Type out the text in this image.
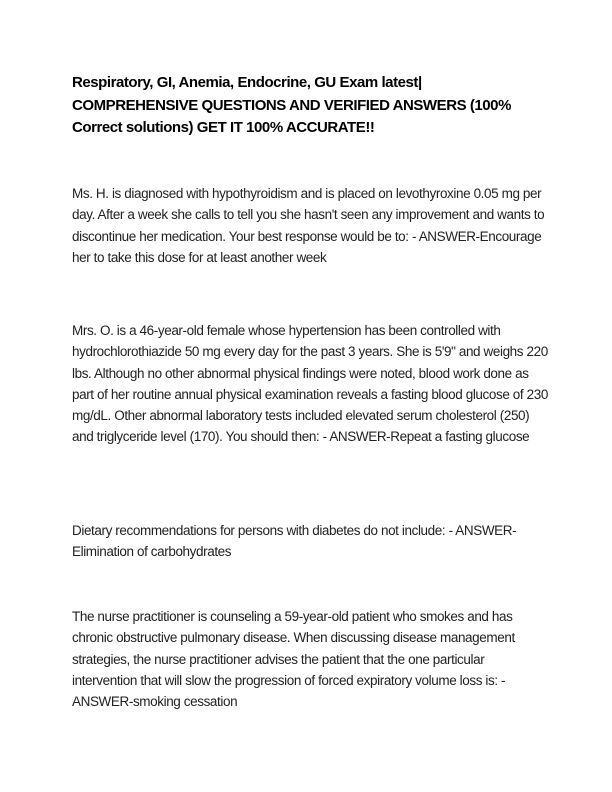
Respiratory, GI, Anemia, Endocrine, GU Exam latest| COMPREHENSIVE QUESTIONS AND VERIFIED ANSWERS (100% Correct solutions) GET IT 100% ACCURATE!!
Ms. H. is diagnosed with hypothyroidism and is placed on levothyroxine 0.05 mg per day. After a week she calls to tell you she hasn't seen any improvement and wants to discontinue her medication. Your best response would be to: - ANSWER-Encourage her to take this dose for at least another week
Mrs. O. is a 46-year-old female whose hypertension has been controlled with hydrochlorothiazide 50 mg every day for the past 3 years. She is 5'9" and weighs 220 lbs. Although no other abnormal physical findings were noted, blood work done as part of her routine annual physical examination reveals a fasting blood glucose of 230 mg/dL. Other abnormal laboratory tests included elevated serum cholesterol (250) and triglyceride level (170). You should then: - ANSWER-Repeat a fasting glucose
Dietary recommendations for persons with diabetes do not include: - ANSWER-Elimination of carbohydrates
The nurse practitioner is counseling a 59-year-old patient who smokes and has chronic obstructive pulmonary disease. When discussing disease management strategies, the nurse practitioner advises the patient that the one particular intervention that will slow the progression of forced expiratory volume loss is: - ANSWER-smoking cessation
